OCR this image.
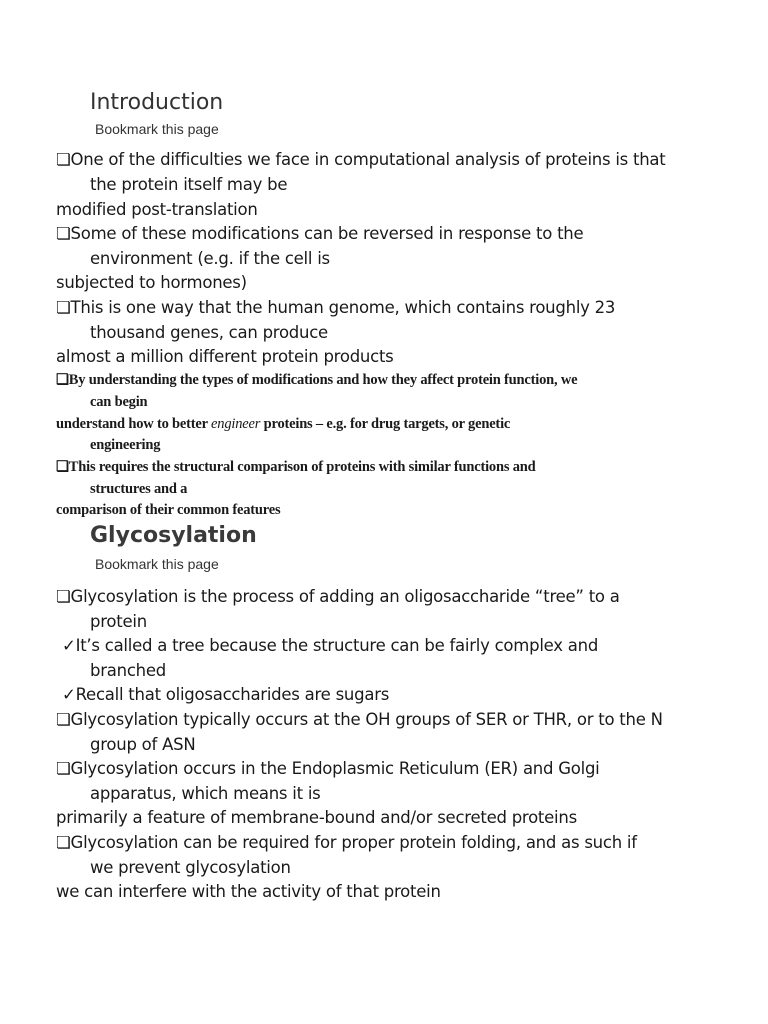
Introduction
Bookmark this page
❏One of the difficulties we face in computational analysis of proteins is that
the protein itself may be
modified post-translation
❏Some of these modifications can be reversed in response to the
environment (e.g. if the cell is
subjected to hormones)
❏This is one way that the human genome, which contains roughly 23
thousand genes, can produce
almost a million different protein products
❏By understanding the types of modifications and how they affect protein function, we
can begin
understand how to better engineer proteins – e.g. for drug targets, or genetic
engineering
❏This requires the structural comparison of proteins with similar functions and
structures and a
comparison of their common features
Glycosylation
Bookmark this page
❏Glycosylation is the process of adding an oligosaccharide “tree” to a
protein
✓It’s called a tree because the structure can be fairly complex and
branched
✓Recall that oligosaccharides are sugars
❏Glycosylation typically occurs at the OH groups of SER or THR, or to the N
group of ASN
❏Glycosylation occurs in the Endoplasmic Reticulum (ER) and Golgi
apparatus, which means it is
primarily a feature of membrane-bound and/or secreted proteins
❏Glycosylation can be required for proper protein folding, and as such if
we prevent glycosylation
we can interfere with the activity of that protein
